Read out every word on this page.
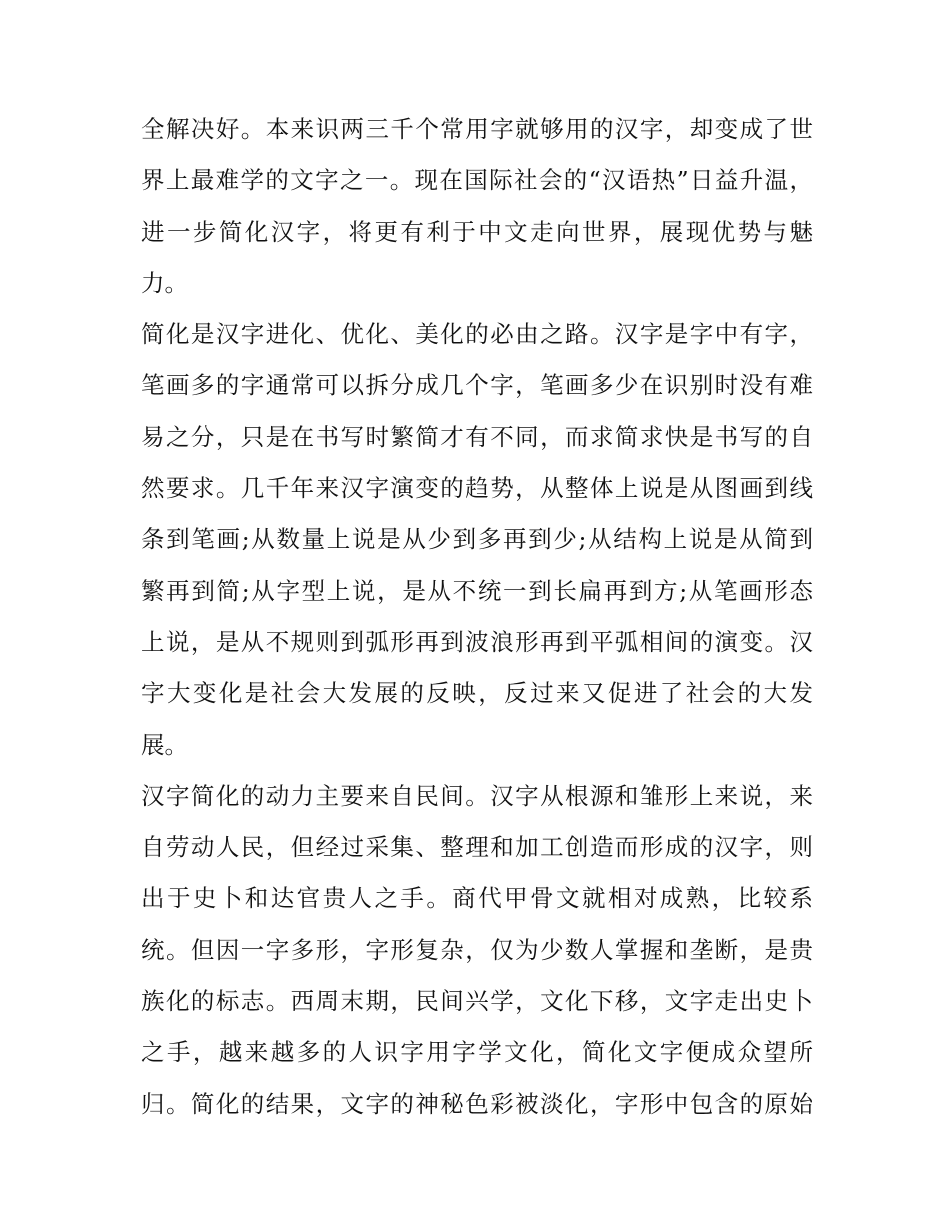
全解决好。本来识两三千个常用字就够用的汉字，却变成了世
界上最难学的文字之一。现在国际社会的“汉语热”日益升温，
进一步简化汉字，将更有利于中文走向世界，展现优势与魅
力。
简化是汉字进化、优化、美化的必由之路。汉字是字中有字，
笔画多的字通常可以拆分成几个字，笔画多少在识别时没有难
易之分，只是在书写时繁简才有不同，而求简求快是书写的自
然要求。几千年来汉字演变的趋势，从整体上说是从图画到线
条到笔画;从数量上说是从少到多再到少;从结构上说是从简到
繁再到简;从字型上说，是从不统一到长扁再到方;从笔画形态
上说，是从不规则到弧形再到波浪形再到平弧相间的演变。汉
字大变化是社会大发展的反映，反过来又促进了社会的大发
展。
汉字简化的动力主要来自民间。汉字从根源和雏形上来说，来
自劳动人民，但经过采集、整理和加工创造而形成的汉字，则
出于史卜和达官贵人之手。商代甲骨文就相对成熟，比较系
统。但因一字多形，字形复杂，仅为少数人掌握和垄断，是贵
族化的标志。西周末期，民间兴学，文化下移，文字走出史卜
之手，越来越多的人识字用字学文化，简化文字便成众望所
归。简化的结果，文字的神秘色彩被淡化，字形中包含的原始
